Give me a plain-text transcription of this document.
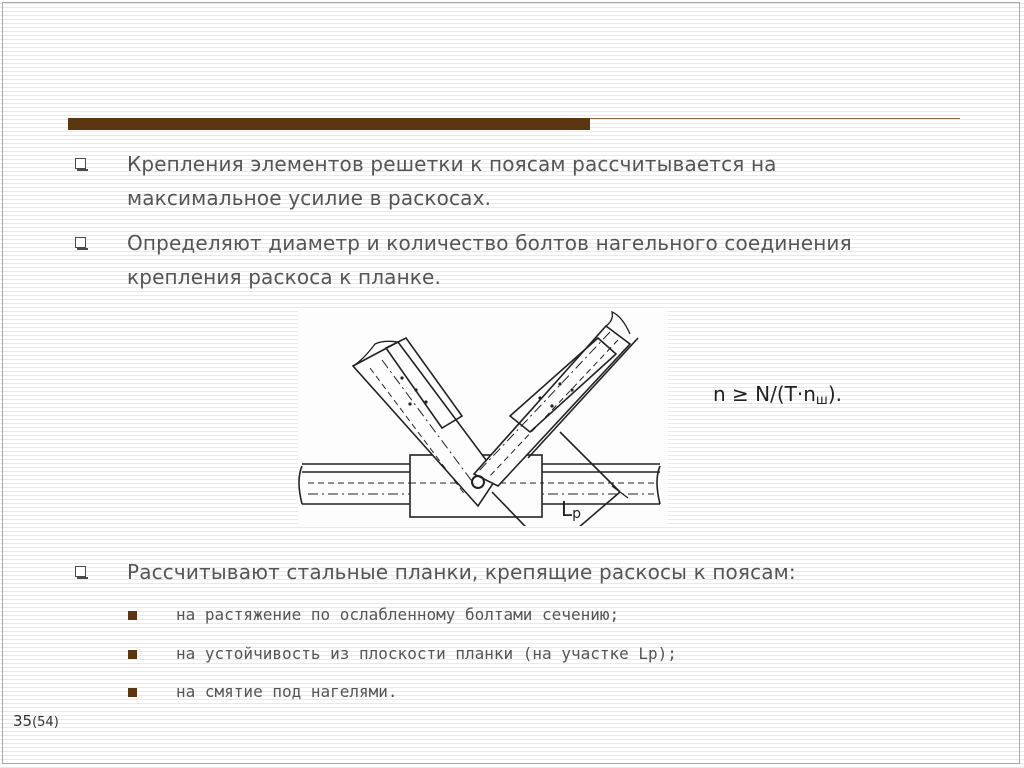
Крепления элементов решетки к поясам рассчитывается на
максимальное усилие в раскосах.
Определяют диаметр и количество болтов нагельного соединения
крепления раскоса к планке.
$L_р$
$n \ge N/(T\cdot n_ш)$.
Рассчитывают стальные планки, крепящие раскосы к поясам:
на растяжение по ослабленному болтами сечению;
на устойчивость из плоскости планки (на участке Lр);
на смятие под нагелями.
35(54)
